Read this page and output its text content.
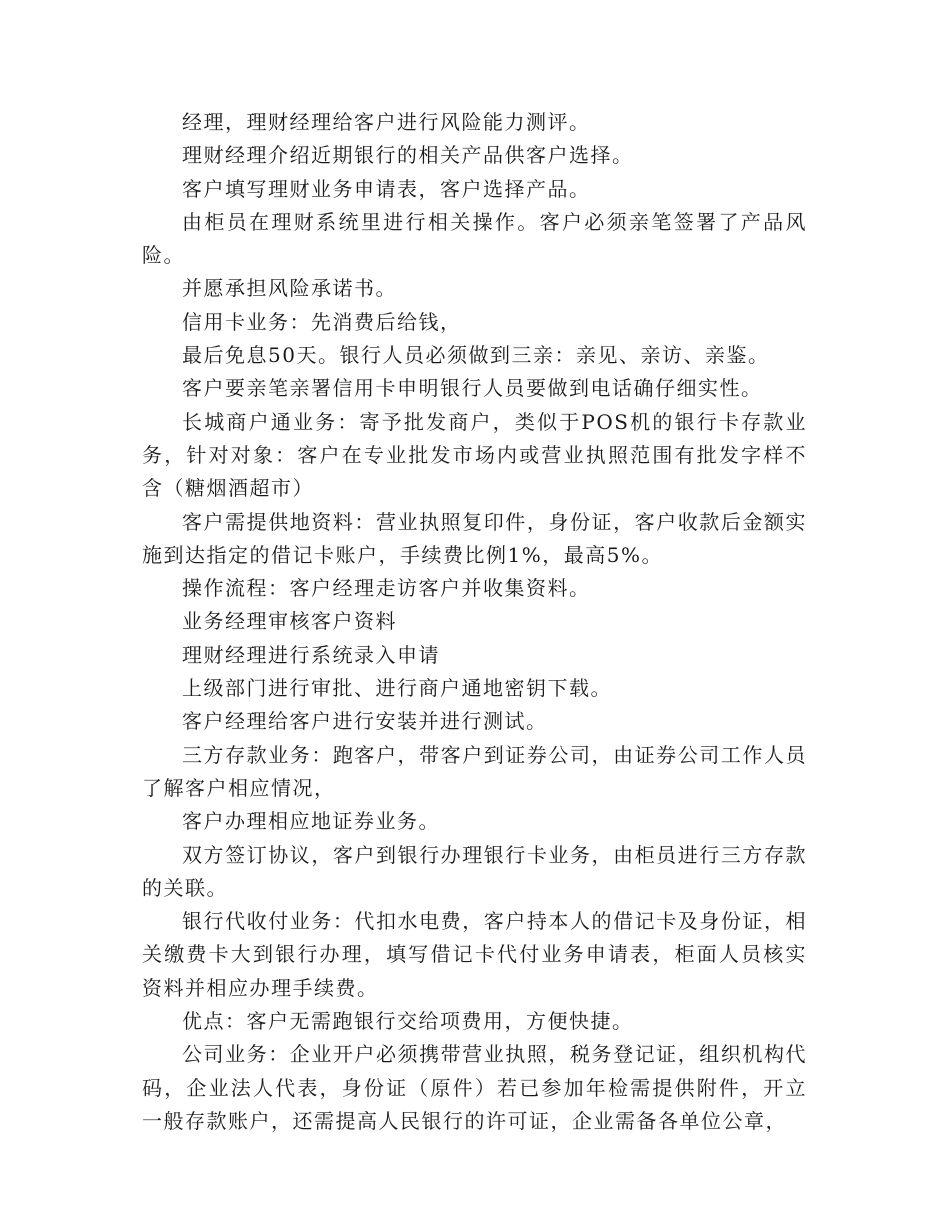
经理，理财经理给客户进行风险能力测评。

理财经理介绍近期银行的相关产品供客户选择。

客户填写理财业务申请表，客户选择产品。

由柜员在理财系统里进行相关操作。客户必须亲笔签署了产品风险。

并愿承担风险承诺书。

信用卡业务：先消费后给钱，

最后免息50天。银行人员必须做到三亲：亲见、亲访、亲鉴。

客户要亲笔亲署信用卡申明银行人员要做到电话确仔细实性。

长城商户通业务：寄予批发商户，类似于POS机的银行卡存款业务，针对对象：客户在专业批发市场内或营业执照范围有批发字样不含（糖烟酒超市）

客户需提供地资料：营业执照复印件，身份证，客户收款后金额实施到达指定的借记卡账户，手续费比例1%，最高5%。

操作流程：客户经理走访客户并收集资料。

业务经理审核客户资料

理财经理进行系统录入申请

上级部门进行审批、进行商户通地密钥下载。

客户经理给客户进行安装并进行测试。

三方存款业务：跑客户，带客户到证券公司，由证券公司工作人员了解客户相应情况，

客户办理相应地证券业务。

双方签订协议，客户到银行办理银行卡业务，由柜员进行三方存款的关联。

银行代收付业务：代扣水电费，客户持本人的借记卡及身份证，相关缴费卡大到银行办理，填写借记卡代付业务申请表，柜面人员核实资料并相应办理手续费。

优点：客户无需跑银行交给项费用，方便快捷。

公司业务：企业开户必须携带营业执照，税务登记证，组织机构代码，企业法人代表，身份证（原件）若已参加年检需提供附件，开立一般存款账户，还需提高人民银行的许可证，企业需备各单位公章，
